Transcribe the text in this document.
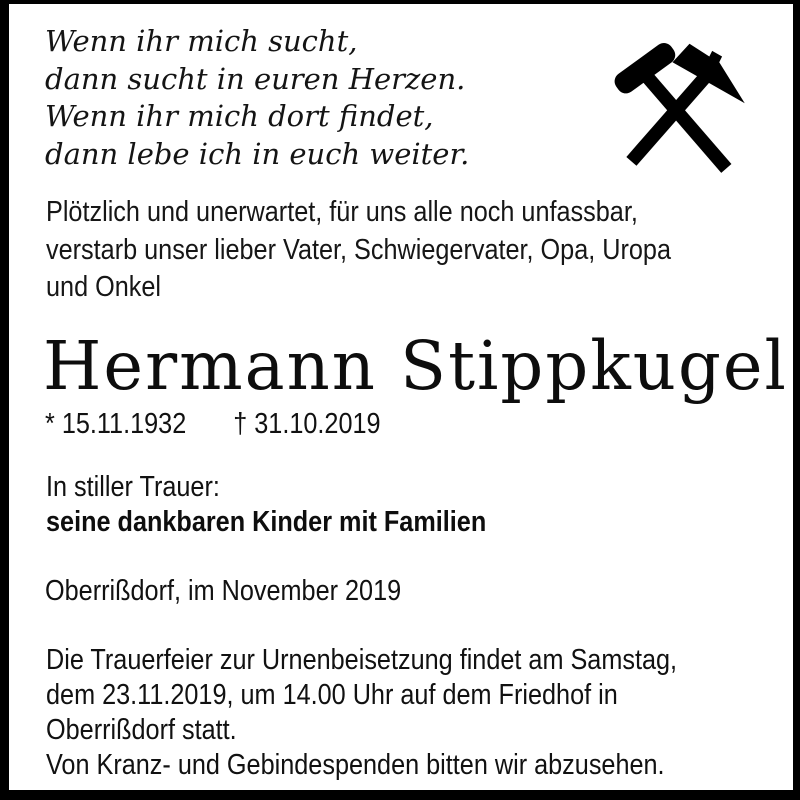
Wenn ihr mich sucht,
dann sucht in euren Herzen.
Wenn ihr mich dort findet,
dann lebe ich in euch weiter.
Plötzlich und unerwartet, für uns alle noch unfassbar,
verstarb unser lieber Vater, Schwiegervater, Opa, Uropa
und Onkel
Hermann Stippkugel
* 15.11.1932 † 31.10.2019
In stiller Trauer:
seine dankbaren Kinder mit Familien
Oberrißdorf, im November 2019
Die Trauerfeier zur Urnenbeisetzung findet am Samstag,
dem 23.11.2019, um 14.00 Uhr auf dem Friedhof in
Oberrißdorf statt.
Von Kranz- und Gebindespenden bitten wir abzusehen.
